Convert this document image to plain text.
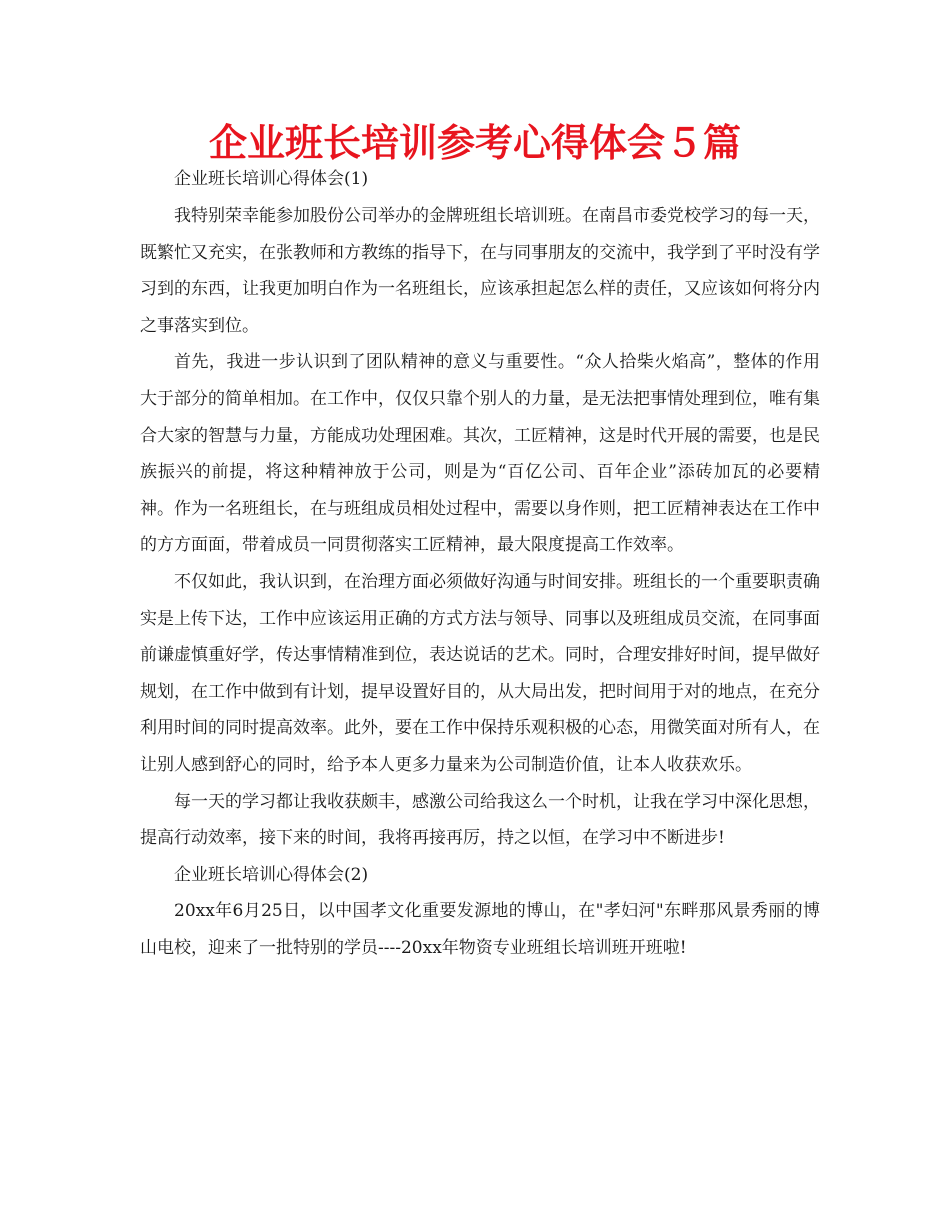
企业班长培训参考心得体会５篇

企业班长培训心得体会(1)

我特别荣幸能参加股份公司举办的金牌班组长培训班。在南昌市委党校学习的每一天，既繁忙又充实，在张教师和方教练的指导下，在与同事朋友的交流中，我学到了平时没有学习到的东西，让我更加明白作为一名班组长，应该承担起怎么样的责任，又应该如何将分内之事落实到位。

首先，我进一步认识到了团队精神的意义与重要性。“众人拾柴火焰高”，整体的作用大于部分的简单相加。在工作中，仅仅只靠个别人的力量，是无法把事情处理到位，唯有集合大家的智慧与力量，方能成功处理困难。其次，工匠精神，这是时代开展的需要，也是民族振兴的前提，将这种精神放于公司，则是为“百亿公司、百年企业”添砖加瓦的必要精神。作为一名班组长，在与班组成员相处过程中，需要以身作则，把工匠精神表达在工作中的方方面面，带着成员一同贯彻落实工匠精神，最大限度提高工作效率。

不仅如此，我认识到，在治理方面必须做好沟通与时间安排。班组长的一个重要职责确实是上传下达，工作中应该运用正确的方式方法与领导、同事以及班组成员交流，在同事面前谦虚慎重好学，传达事情精准到位，表达说话的艺术。同时，合理安排好时间，提早做好规划，在工作中做到有计划，提早设置好目的，从大局出发，把时间用于对的地点，在充分利用时间的同时提高效率。此外，要在工作中保持乐观积极的心态，用微笑面对所有人，在让别人感到舒心的同时，给予本人更多力量来为公司制造价值，让本人收获欢乐。

每一天的学习都让我收获颇丰，感激公司给我这么一个时机，让我在学习中深化思想，提高行动效率，接下来的时间，我将再接再厉，持之以恒，在学习中不断进步!

企业班长培训心得体会(2)

20xx年6月25日，以中国孝文化重要发源地的博山，在"孝妇河"东畔那风景秀丽的博山电校，迎来了一批特别的学员----20xx年物资专业班组长培训班开班啦!
